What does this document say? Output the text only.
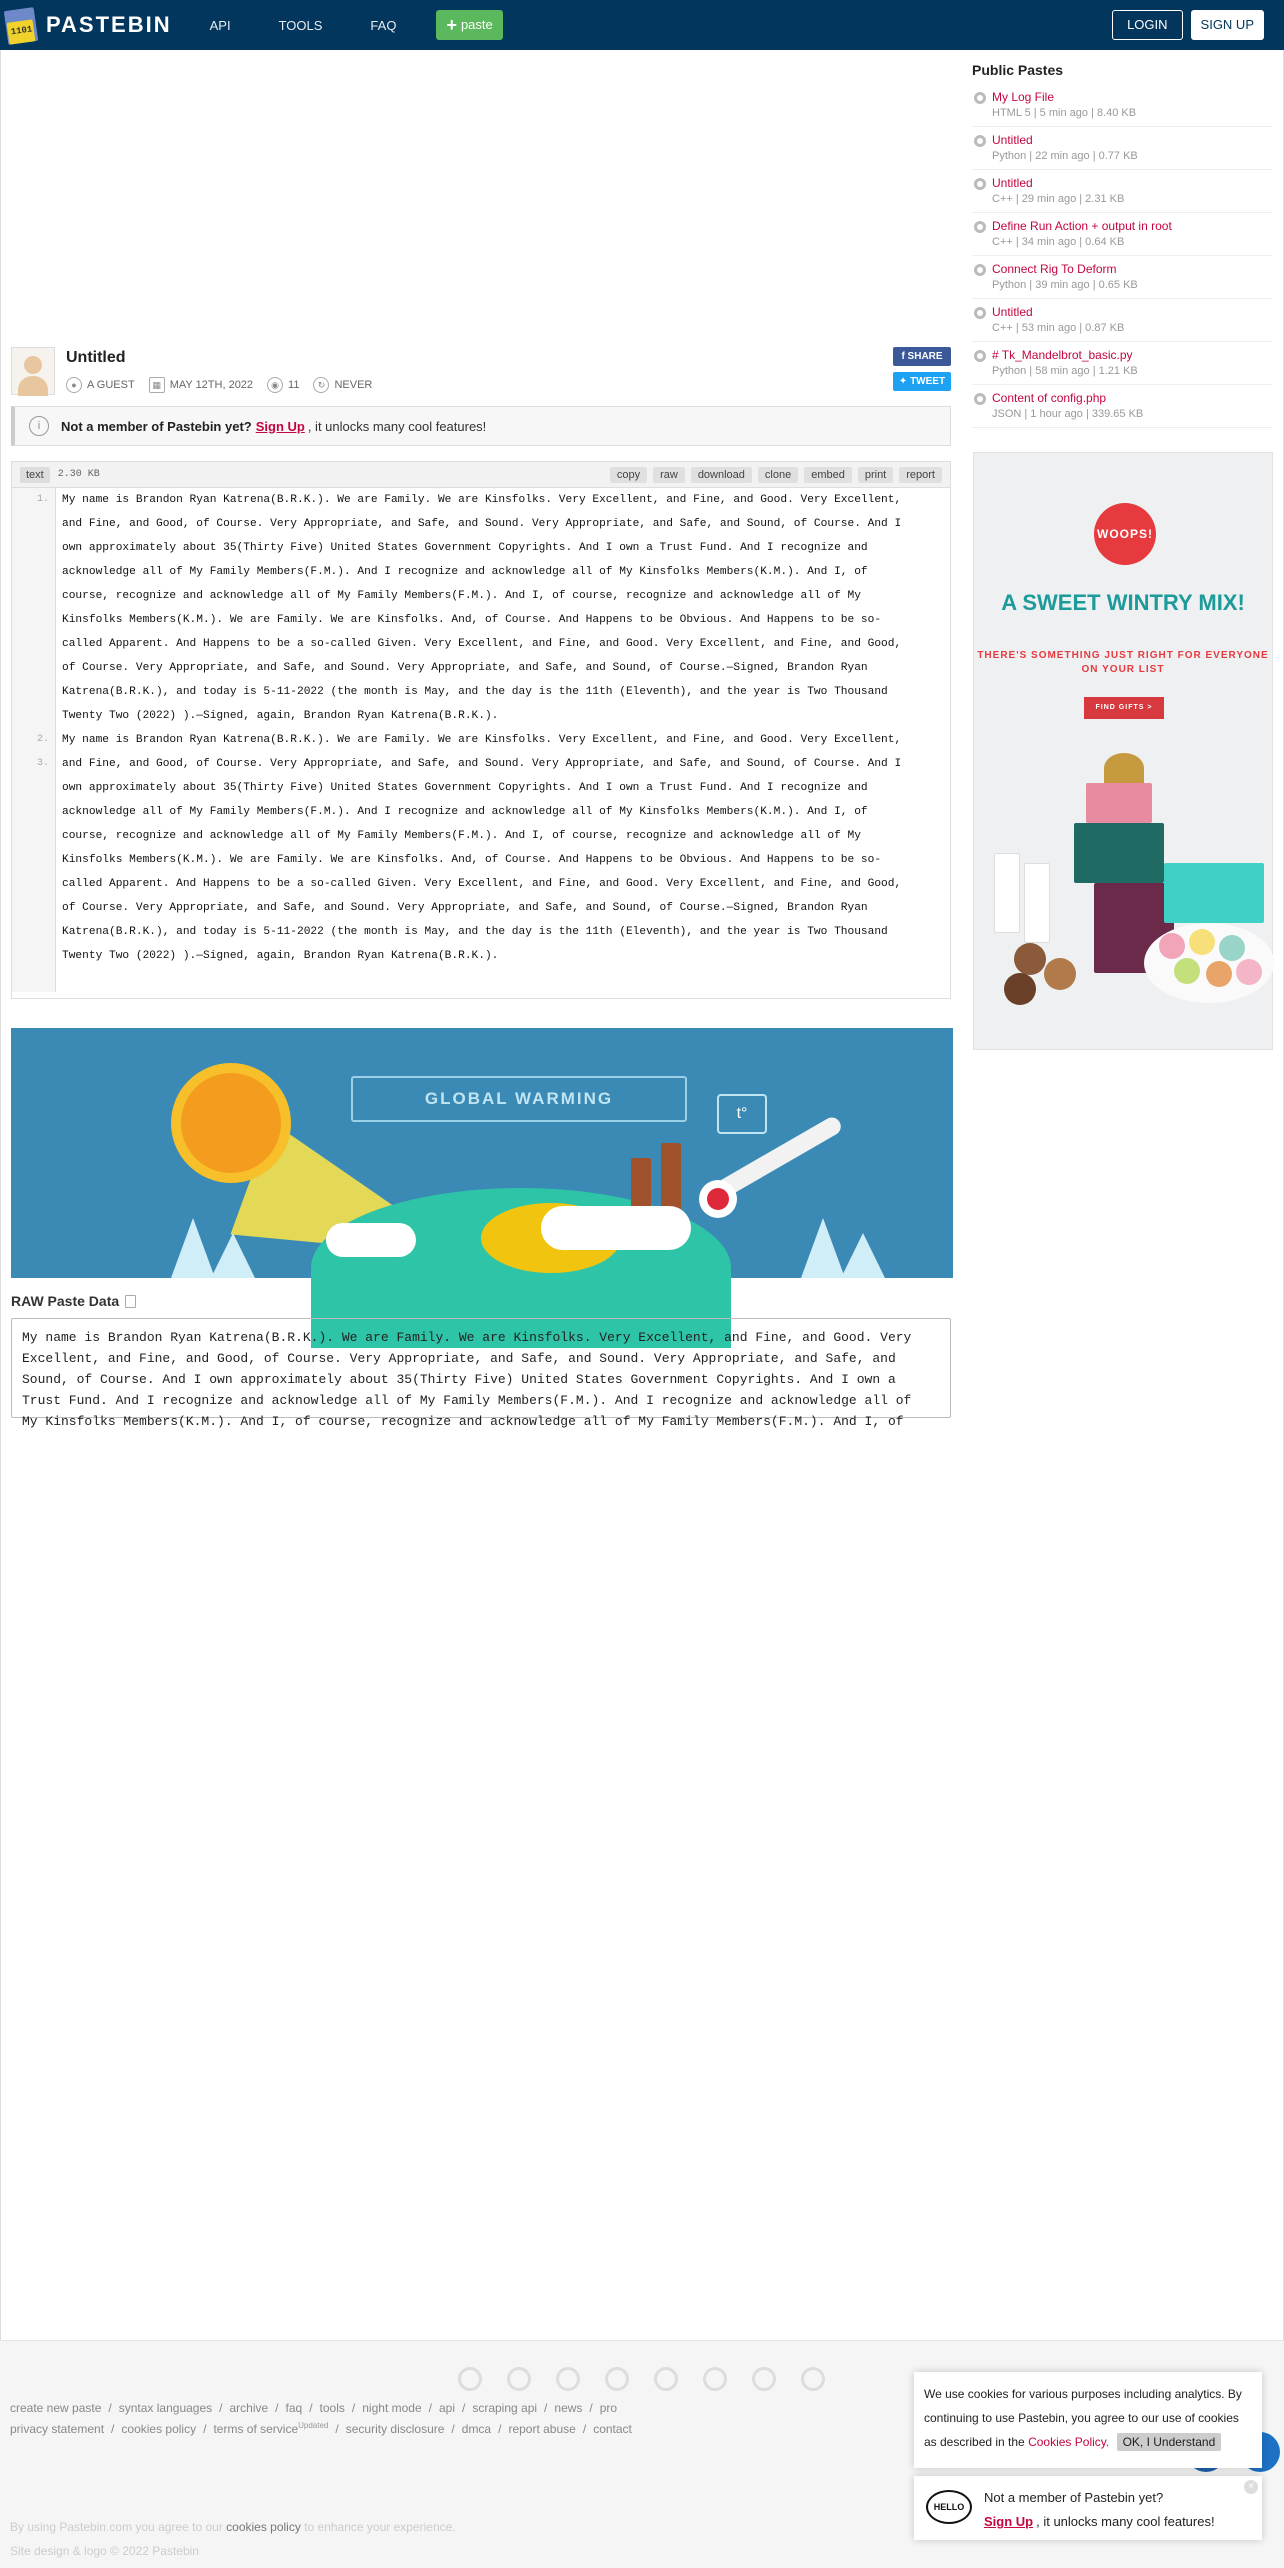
1101 PASTEBIN	API	TOOLS	FAQ	+ paste	LOGIN	SIGN UP
Untitled
● A GUEST	▦ MAY 12TH, 2022	◉ 11	↻ NEVER
f SHARE
✦ TWEET
i	Not a member of Pastebin yet? Sign Up , it unlocks many cool features!
text	2.30 KB	copy	raw	download	clone	embed	print	report
1.
2.
3.
My name is Brandon Ryan Katrena(B.R.K.). We are Family. We are Kinsfolks. Very Excellent, and Fine, and Good. Very Excellent,
and Fine, and Good, of Course. Very Appropriate, and Safe, and Sound. Very Appropriate, and Safe, and Sound, of Course. And I
own approximately about 35(Thirty Five) United States Government Copyrights. And I own a Trust Fund. And I recognize and
acknowledge all of My Family Members(F.M.). And I recognize and acknowledge all of My Kinsfolks Members(K.M.). And I, of
course, recognize and acknowledge all of My Family Members(F.M.). And I, of course, recognize and acknowledge all of My
Kinsfolks Members(K.M.). We are Family. We are Kinsfolks. And, of Course. And Happens to be Obvious. And Happens to be so-
called Apparent. And Happens to be a so-called Given. Very Excellent, and Fine, and Good. Very Excellent, and Fine, and Good,
of Course. Very Appropriate, and Safe, and Sound. Very Appropriate, and Safe, and Sound, of Course.—Signed, Brandon Ryan
Katrena(B.R.K.), and today is 5-11-2022 (the month is May, and the day is the 11th (Eleventh), and the year is Two Thousand
Twenty Two (2022) ).—Signed, again, Brandon Ryan Katrena(B.R.K.).
My name is Brandon Ryan Katrena(B.R.K.). We are Family. We are Kinsfolks. Very Excellent, and Fine, and Good. Very Excellent,
and Fine, and Good, of Course. Very Appropriate, and Safe, and Sound. Very Appropriate, and Safe, and Sound, of Course. And I
own approximately about 35(Thirty Five) United States Government Copyrights. And I own a Trust Fund. And I recognize and
acknowledge all of My Family Members(F.M.). And I recognize and acknowledge all of My Kinsfolks Members(K.M.). And I, of
course, recognize and acknowledge all of My Family Members(F.M.). And I, of course, recognize and acknowledge all of My
Kinsfolks Members(K.M.). We are Family. We are Kinsfolks. And, of Course. And Happens to be Obvious. And Happens to be so-
called Apparent. And Happens to be a so-called Given. Very Excellent, and Fine, and Good. Very Excellent, and Fine, and Good,
of Course. Very Appropriate, and Safe, and Sound. Very Appropriate, and Safe, and Sound, of Course.—Signed, Brandon Ryan
Katrena(B.R.K.), and today is 5-11-2022 (the month is May, and the day is the 11th (Eleventh), and the year is Two Thousand
Twenty Two (2022) ).—Signed, again, Brandon Ryan Katrena(B.R.K.).
GLOBAL WARMING
t°
RAW Paste Data
My name is Brandon Ryan Katrena(B.R.K.). We are Family. We are Kinsfolks. Very Excellent, and Fine, and Good. Very
Excellent, and Fine, and Good, of Course. Very Appropriate, and Safe, and Sound. Very Appropriate, and Safe, and
Sound, of Course. And I own approximately about 35(Thirty Five) United States Government Copyrights. And I own a
Trust Fund. And I recognize and acknowledge all of My Family Members(F.M.). And I recognize and acknowledge all of
My Kinsfolks Members(K.M.). And I, of course, recognize and acknowledge all of My Family Members(F.M.). And I, of
Public Pastes
My Log File
HTML 5 | 5 min ago | 8.40 KB
Untitled
Python | 22 min ago | 0.77 KB
Untitled
C++ | 29 min ago | 2.31 KB
Define Run Action + output in root
C++ | 34 min ago | 0.64 KB
Connect Rig To Deform
Python | 39 min ago | 0.65 KB
Untitled
C++ | 53 min ago | 0.87 KB
# Tk_Mandelbrot_basic.py
Python | 58 min ago | 1.21 KB
Content of config.php
JSON | 1 hour ago | 339.65 KB
WOOPS!
A SWEET WINTRY MIX!
THERE'S SOMETHING JUST RIGHT FOR EVERYONE ON YOUR LIST
FIND GIFTS >
create new paste / syntax languages / archive / faq / tools / night mode / api / scraping api / news / pro
privacy statement / cookies policy / terms of service$^{Updated}$ / security disclosure / dmca / report abuse / contact
By using Pastebin.com you agree to our cookies policy to enhance your experience.
Site design & logo © 2022 Pastebin
We use cookies for various purposes including analytics. By continuing to use Pastebin, you agree to our use of cookies as described in the Cookies Policy. OK, I Understand
HELLO
Not a member of Pastebin yet?
Sign Up , it unlocks many cool features!
×
